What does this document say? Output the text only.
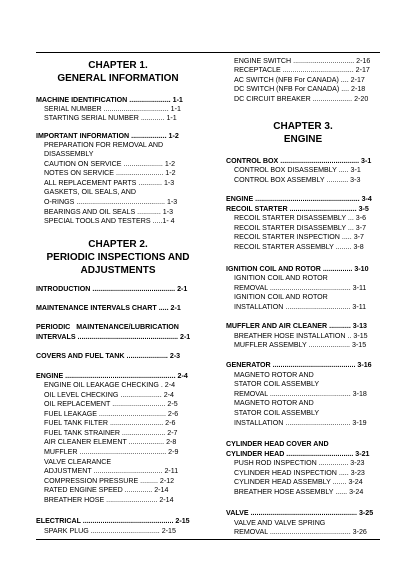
CHAPTER 1.
GENERAL INFORMATION
MACHINE IDENTIFICATION ..................... 1-1
SERIAL NUMBER ................................. 1-1
STARTING SERIAL NUMBER ............ 1-1
IMPORTANT INFORMATION .................. 1-2
PREPARATION FOR REMOVAL AND
DISASSEMBLY
CAUTION ON SERVICE .................... 1-2
NOTES ON SERVICE ........................ 1-2
ALL REPLACEMENT PARTS ............ 1-3
GASKETS, OIL SEALS, AND
O-RINGS ............................................. 1-3
BEARINGS AND OIL SEALS ............ 1-3
SPECIAL TOOLS AND TESTERS .....1- 4
CHAPTER 2.
PERIODIC INSPECTIONS AND
ADJUSTMENTS
INTRODUCTION .......................................... 2-1
MAINTENANCE INTERVALS CHART ..... 2-1
PERIODIC   MAINTENANCE/LUBRICATION
INTERVALS ................................................... 2-1
COVERS AND FUEL TANK ..................... 2-3
ENGINE ........................................................ 2-4
ENGINE OIL LEAKAGE CHECKING . 2-4
OIL LEVEL CHECKING ..................... 2-4
OIL REPLACEMENT ........................... 2-5
FUEL LEAKAGE .................................. 2-6
FUEL TANK FILTER ........................... 2-6
FUEL TANK STRAINER ...................... 2-7
AIR CLEANER ELEMENT .................. 2-8
MUFFLER ............................................ 2-9
VALVE CLEARANCE
ADJUSTMENT ................................... 2-11
COMPRESSION PRESSURE ......... 2-12
RATED ENGINE SPEED .............. 2-14
BREATHER HOSE .......................... 2-14
ELECTRICAL .............................................. 2-15
SPARK PLUG ................................... 2-15
ENGINE SWITCH ............................... 2-16
RECEPTACLE .................................... 2-17
AC SWITCH (NFB For CANADA) .... 2-17
DC SWITCH (NFB For CANADA) .... 2-18
DC CIRCUIT BREAKER .................... 2-20
CHAPTER 3.
ENGINE
CONTROL BOX ........................................ 3-1
CONTROL BOX DISASSEMBLY ..... 3-1
CONTROL BOX ASSEMBLY ........... 3-3
ENGINE ..................................................... 3-4
RECOIL STARTER .................................. 3-5
RECOIL STARTER DISASSEMBLY ... 3-6
RECOIL STARTER DISASSEMBLY ... 3-7
RECOIL STARTER INSPECTION ..... 3-7
RECOIL STARTER ASSEMBLY ........ 3-8
IGNITION COIL AND ROTOR ............... 3-10
IGNITION COIL AND ROTOR
REMOVAL ......................................... 3-11
IGNITION COIL AND ROTOR
INSTALLATION ................................. 3-11
MUFFLER AND AIR CLEANER ........... 3-13
BREATHER HOSE INSTALLATION .. 3-15
MUFFLER ASSEMBLY ..................... 3-15
GENERATOR .......................................... 3-16
MAGNETO ROTOR AND
STATOR COIL ASSEMBLY
REMOVAL ......................................... 3-18
MAGNETO ROTOR AND
STATOR COIL ASSEMBLY
INSTALLATION ................................. 3-19
CYLINDER HEAD COVER AND
CYLINDER HEAD .................................. 3-21
PUSH ROD INSPECTION ............... 3-23
CYLINDER HEAD INSPECTION ..... 3-23
CYLINDER HEAD ASSEMBLY ....... 3-24
BREATHER HOSE ASSEMBLY ...... 3-24
VALVE ...................................................... 3-25
VALVE AND VALVE SPRING
REMOVAL ......................................... 3-26
